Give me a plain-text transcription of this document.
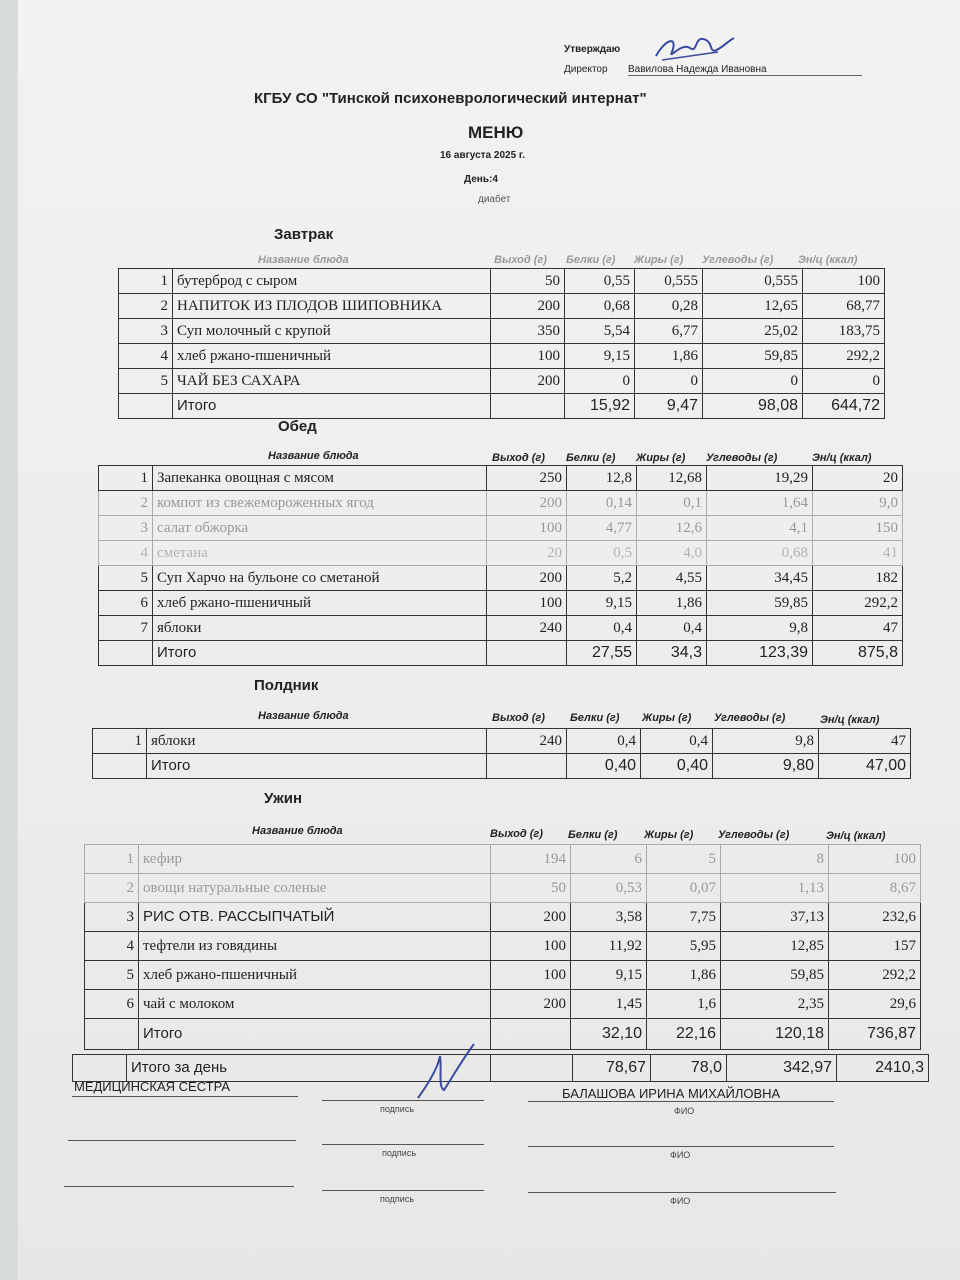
Утверждаю
Директор Вавилова Надежда Ивановна
КГБУ СО "Тинской психоневрологический интернат"
МЕНЮ
16 августа 2025 г.
День:4
диабет
Завтрак
Название блюда	Выход (г) Белки (г) Жиры (г) Углеводы (г) Эн/ц (ккал)
1	бутерброд с сыром	50	0,55	0,555	0,555	100
2	НАПИТОК ИЗ ПЛОДОВ ШИПОВНИКА	200	0,68	0,28	12,65	68,77
3	Суп молочный с крупой	350	5,54	6,77	25,02	183,75
4	хлеб ржано-пшеничный	100	9,15	1,86	59,85	292,2
5	ЧАЙ БЕЗ САХАРА	200	0	0	0	0
	Итого		15,92	9,47	98,08	644,72
Обед
Название блюда	Выход (г) Белки (г) Жиры (г) Углеводы (г)	Эн/ц (ккал)
1	Запеканка овощная с мясом	250	12,8	12,68	19,29	20
2	компот из свежемороженных ягод	200	0,14	0,1	1,64	9,0
3	салат обжорка	100	4,77	12,6	4,1	150
4	сметана	20	0,5	4,0	0,68	41
5	Суп Харчо на бульоне со сметаной	200	5,2	4,55	34,45	182
6	хлеб ржано-пшеничный	100	9,15	1,86	59,85	292,2
7	яблоки	240	0,4	0,4	9,8	47
	Итого		27,55	34,3	123,39	875,8
Полдник
Название блюда	Выход (г) Белки (г) Жиры (г) Углеводы (г)	Эн/ц (ккал)
1	яблоки	240	0,4	0,4	9,8	47
	Итого		0,40	0,40	9,80	47,00
Ужин
Название блюда	Выход (г) Белки (г) Жиры (г) Углеводы (г)	Эн/ц (ккал)
1	кефир	194	6	5	8	100
2	овощи натуральные соленые	50	0,53	0,07	1,13	8,67
3	РИС ОТВ. РАССЫПЧАТЫЙ	200	3,58	7,75	37,13	232,6
4	тефтели из говядины	100	11,92	5,95	12,85	157
5	хлеб ржано-пшеничный	100	9,15	1,86	59,85	292,2
6	чай с молоком	200	1,45	1,6	2,35	29,6
	Итого		32,10	22,16	120,18	736,87
	Итого за день		78,67	78,0	342,97	2410,3
МЕДИЦИНСКАЯ СЕСТРА
подпись
БАЛАШОВА ИРИНА МИХАЙЛОВНА
ФИО
подпись	ФИО
подпись	ФИО
